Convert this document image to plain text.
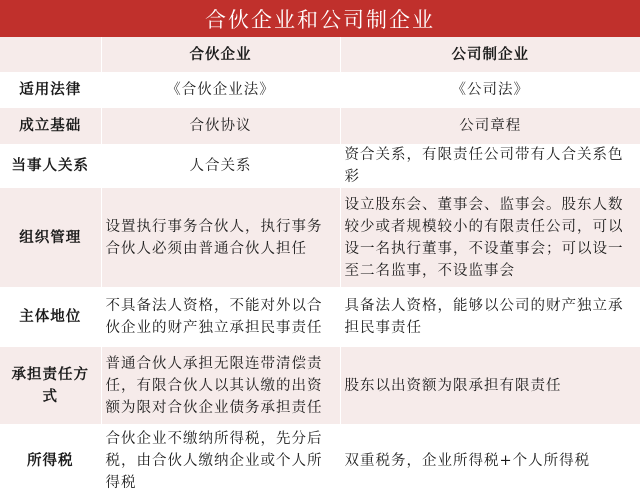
合伙企业和公司制企业
	合伙企业	公司制企业
适用法律	《合伙企业法》	《公司法》
成立基础	合伙协议	公司章程
当事人关系	人合关系	资合关系，有限责任公司带有人合关系色彩
组织管理	设置执行事务合伙人，执行事务合伙人必须由普通合伙人担任	设立股东会、董事会、监事会。股东人数较少或者规模较小的有限责任公司，可以设一名执行董事，不设董事会；可以设一至二名监事，不设监事会
主体地位	不具备法人资格，不能对外以合伙企业的财产独立承担民事责任	具备法人资格，能够以公司的财产独立承担民事责任
承担责任方式	普通合伙人承担无限连带清偿责任，有限合伙人以其认缴的出资额为限对合伙企业债务承担责任	股东以出资额为限承担有限责任
所得税	合伙企业不缴纳所得税，先分后税，由合伙人缴纳企业或个人所得税	双重税务，企业所得税+个人所得税
